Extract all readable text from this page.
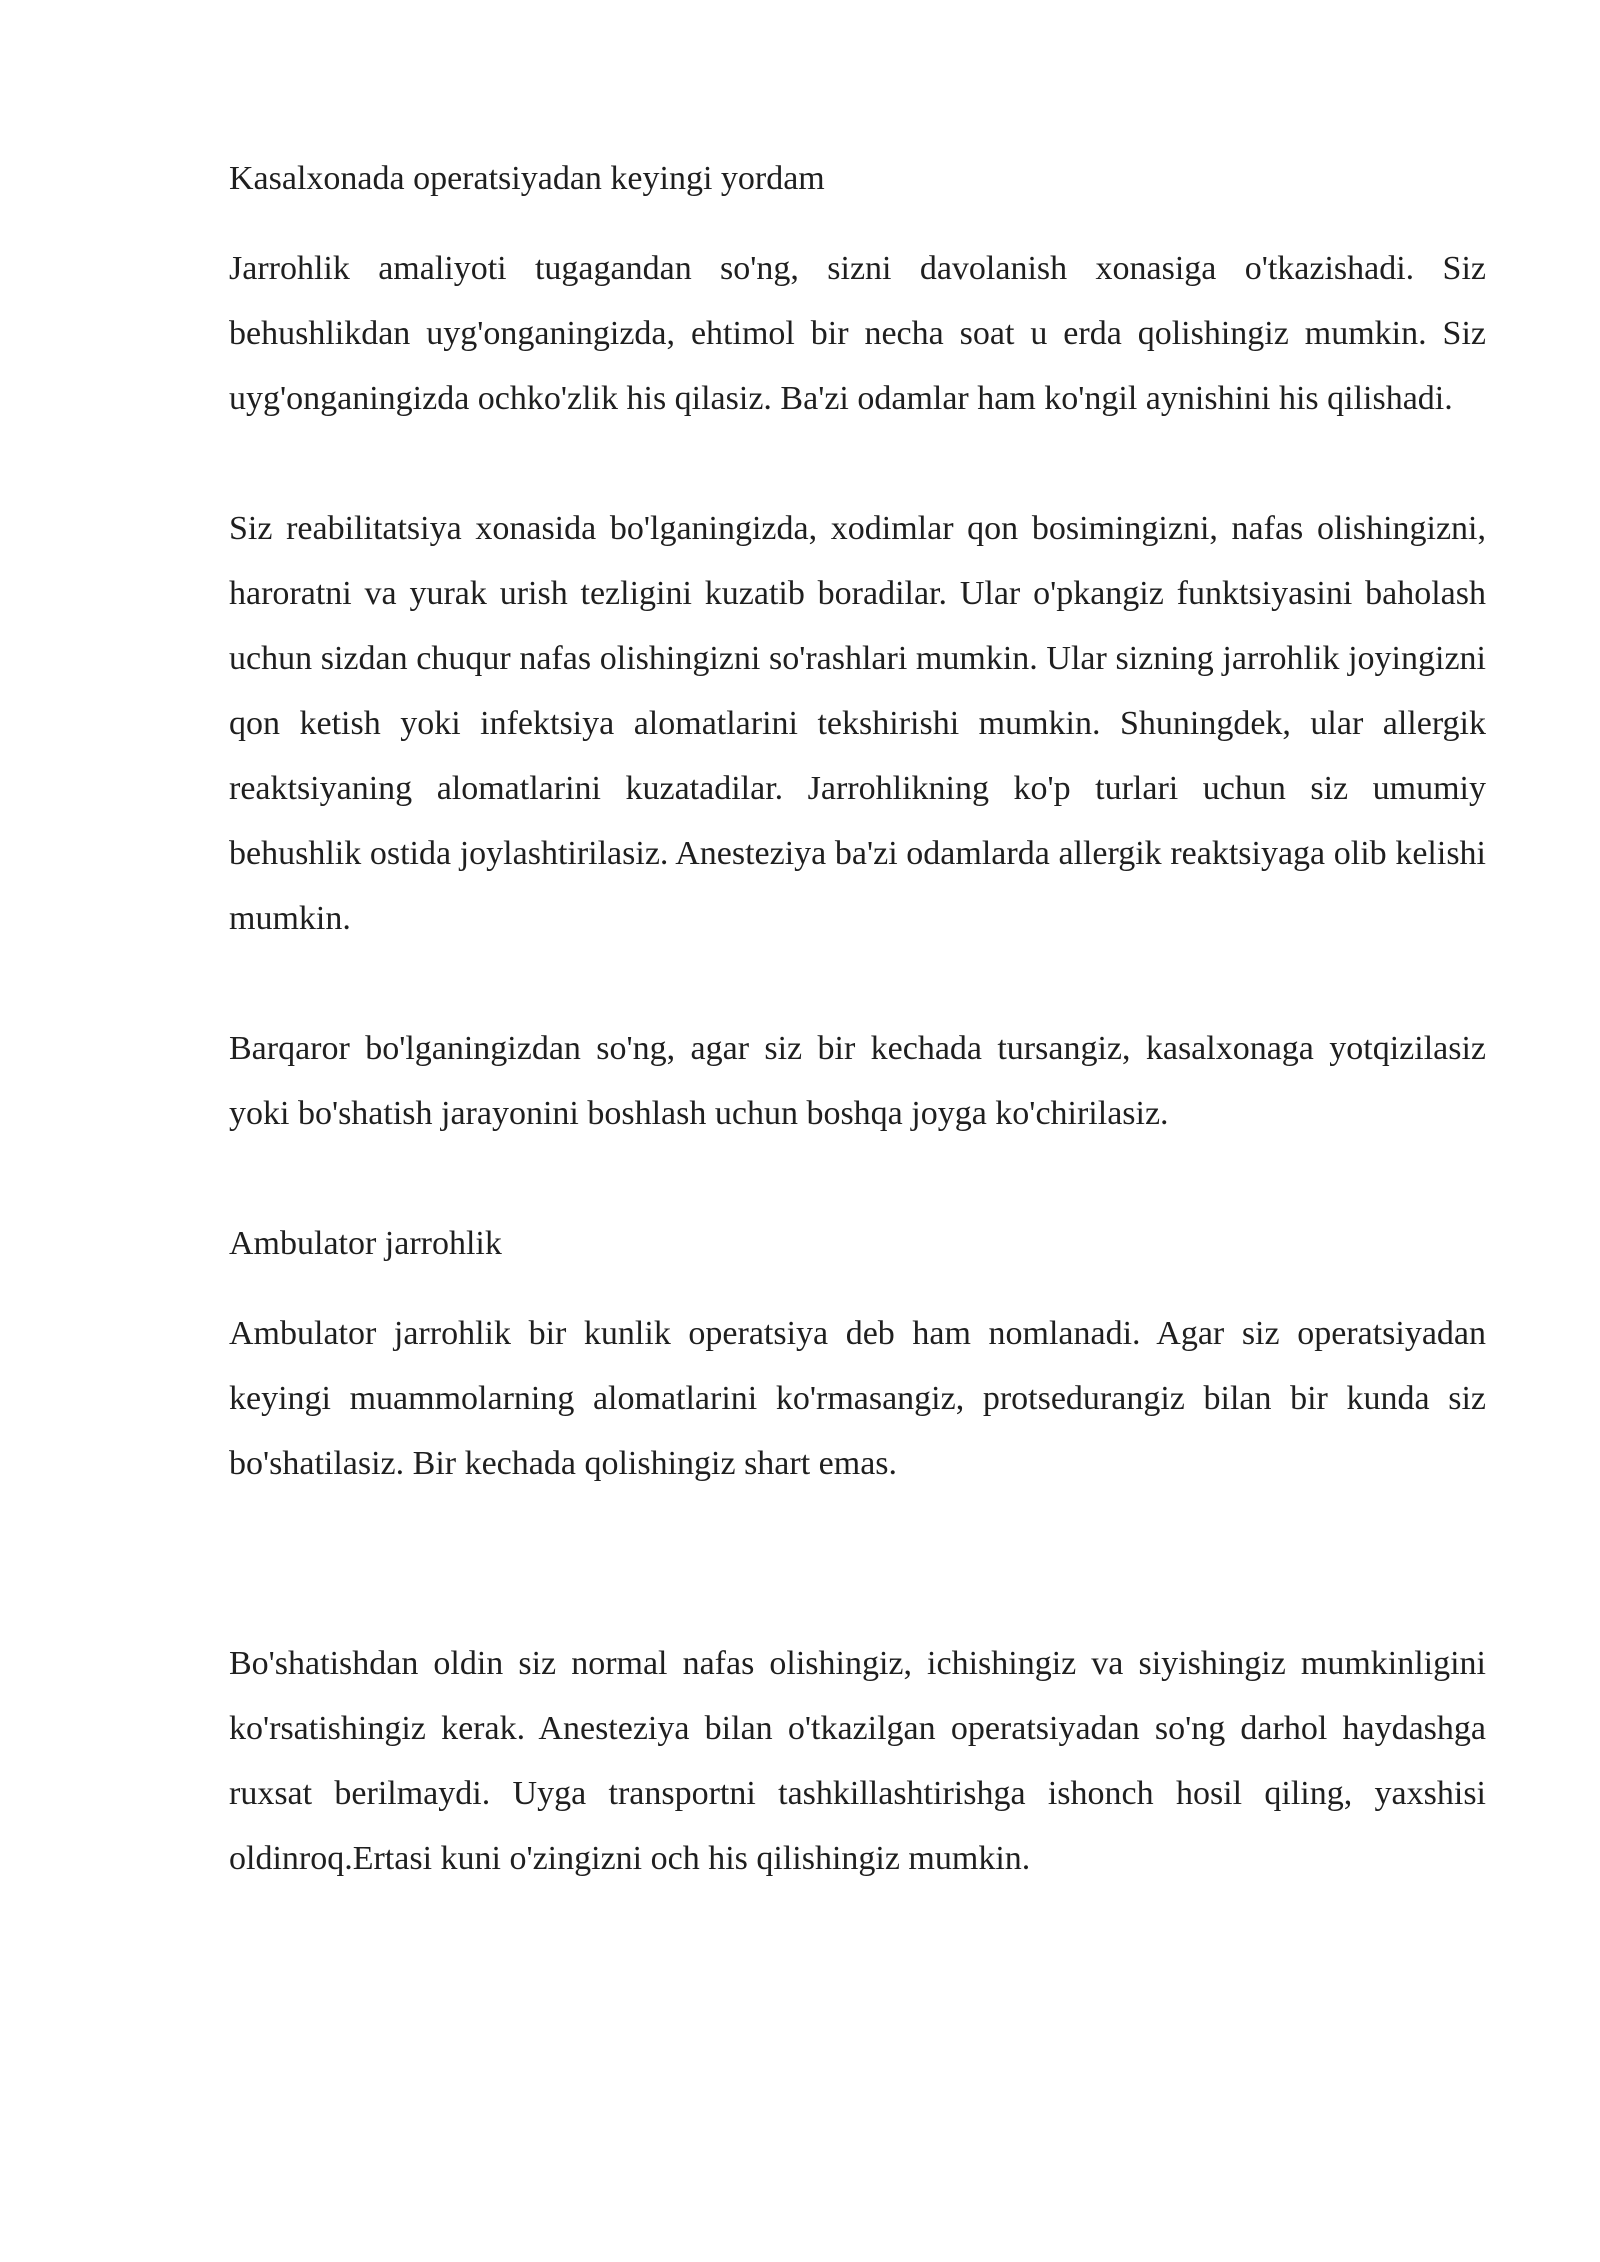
Kasalxonada operatsiyadan keyingi yordam

Jarrohlik amaliyoti tugagandan so'ng, sizni davolanish xonasiga o'tkazishadi. Siz behushlikdan uyg'onganingizda, ehtimol bir necha soat u erda qolishingiz mumkin. Siz uyg'onganingizda ochko'zlik his qilasiz. Ba'zi odamlar ham ko'ngil aynishini his qilishadi.

Siz reabilitatsiya xonasida bo'lganingizda, xodimlar qon bosimingizni, nafas olishingizni, haroratni va yurak urish tezligini kuzatib boradilar. Ular o'pkangiz funktsiyasini baholash uchun sizdan chuqur nafas olishingizni so'rashlari mumkin. Ular sizning jarrohlik joyingizni qon ketish yoki infektsiya alomatlarini tekshirishi mumkin. Shuningdek, ular allergik reaktsiyaning alomatlarini kuzatadilar. Jarrohlikning ko'p turlari uchun siz umumiy behushlik ostida joylashtirilasiz. Anesteziya ba'zi odamlarda allergik reaktsiyaga olib kelishi mumkin.

Barqaror bo'lganingizdan so'ng, agar siz bir kechada tursangiz, kasalxonaga yotqizilasiz yoki bo'shatish jarayonini boshlash uchun boshqa joyga ko'chirilasiz.

Ambulator jarrohlik

Ambulator jarrohlik bir kunlik operatsiya deb ham nomlanadi. Agar siz operatsiyadan keyingi muammolarning alomatlarini ko'rmasangiz, protsedurangiz bilan bir kunda siz bo'shatilasiz. Bir kechada qolishingiz shart emas.

Bo'shatishdan oldin siz normal nafas olishingiz, ichishingiz va siyishingiz mumkinligini ko'rsatishingiz kerak. Anesteziya bilan o'tkazilgan operatsiyadan so'ng darhol haydashga ruxsat berilmaydi. Uyga transportni tashkillashtirishga ishonch hosil qiling, yaxshisi oldinroq.Ertasi kuni o'zingizni och his qilishingiz mumkin.
